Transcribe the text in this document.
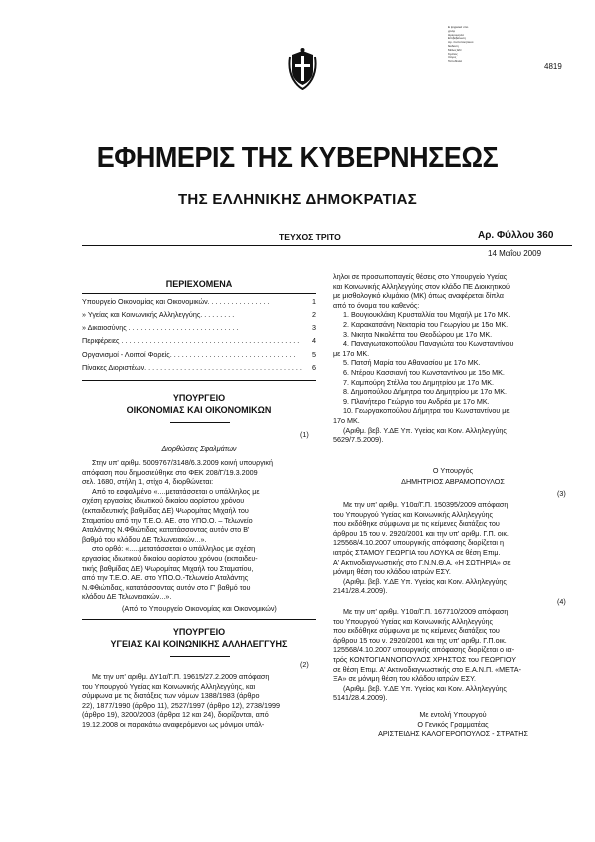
Ε ψηφιακά υπο
γράφ
Ημερομηνία
Επιβεβαίωση
Αρ. πιστοποιητικού
Έκδοση
Μέλος ΕΝ
Κράτος
Λόγος
Τοποθεσία
4819
ΕΦΗΜΕΡΙΣ ΤΗΣ ΚΥΒΕΡΝΗΣΕΩΣ
ΤΗΣ ΕΛΛΗΝΙΚΗΣ ΔΗΜΟΚΡΑΤΙΑΣ
ΤΕΥΧΟΣ ΤΡΙΤΟ	Αρ. Φύλλου 360
14 Μαΐου 2009
ΠΕΡΙΕΧΟΜΕΝΑ
Υπουργείο Οικονομίας και Οικονομικών. . . . . . . . . . . . . . . .	1
» Υγείας και Κοινωνικής Αλληλεγγύης. . . . . . . . .	2
» Δικαιοσύνης . . . . . . . . . . . . . . . . . . . . . . . . . . . .	3
Περιφέρειες . . . . . . . . . . . . . . . . . . . . . . . . . . . . . . . . . . . . . . . . . . . . . 4
Οργανισμοί - Λοιποί Φορείς. . . . . . . . . . . . . . . . . . . . . . . . . . . . . . . . 5
Πίνακες Διοριστέων. . . . . . . . . . . . . . . . . . . . . . . . . . . . . . . . . . . . . . . . 6
ΥΠΟΥΡΓΕΙΟ
ΟΙΚΟΝΟΜΙΑΣ ΚΑΙ ΟΙΚΟΝΟΜΙΚΩΝ
(1)
Διορθώσεις Σφαλμάτων
Στην υπ' αριθμ. 5009767/3148/6.3.2009 κοινή υπουργική
απόφαση που δημοσιεύθηκε στο ΦΕΚ 208/Γ/19.3.2009
σελ. 1680, στήλη 1, στίχο 4, διορθώνεται:
Από το εσφαλμένο «....μετατάσσεται ο υπάλληλος με
σχέση εργασίας ιδιωτικού δικαίου αορίστου χρόνου
(εκπαιδευτικής βαθμίδας ΔΕ) Ψωρομίτας Μιχαήλ του
Σταματίου από την Τ.Ε.Ο. ΑΕ. στο ΥΠΟ.Ο. – Τελωνείο
Αταλάντης Ν.Φθιώτιδας κατατάσσοντας αυτόν στο Β'
βαθμό του κλάδου ΔΕ Τελωνειακών...».
στο ορθό: «.....μετατάσσεται ο υπάλληλος με σχέση
εργασίας ιδιωτικού δικαίου αορίστου χρόνου (εκπαιδευ-
τικής βαθμίδας ΔΕ) Ψωρομίτας Μιχαήλ του Σταματίου,
από την Τ.Ε.Ο. ΑΕ. στο ΥΠΟ.Ο.-Τελωνείο Αταλάντης
Ν.Φθιώτιδας, κατατάσσοντας αυτόν στο Γ' βαθμό του
κλάδου ΔΕ Τελωνειακών...».
(Από το Υπουργείο Οικονομίας και Οικονομικών)
ΥΠΟΥΡΓΕΙΟ
ΥΓΕΙΑΣ ΚΑΙ ΚΟΙΝΩΝΙΚΗΣ ΑΛΛΗΛΕΓΓΥΗΣ
(2)
Με την υπ' αριθμ. ΔΥ1α/Γ.Π. 19615/27.2.2009 απόφαση
του Υπουργού Υγείας και Κοινωνικής Αλληλεγγύης, και
σύμφωνα με τις διατάξεις των νόμων 1388/1983 (άρθρο
22), 1877/1990 (άρθρο 11), 2527/1997 (άρθρο 12), 2738/1999
(άρθρο 19), 3200/2003 (άρθρα 12 και 24), διορίζονται, από
19.12.2008 οι παρακάτω αναφερόμενοι ως μόνιμοι υπάλ-
ληλοι σε προσωποπαγείς θέσεις στο Υπουργείο Υγείας
και Κοινωνικής Αλληλεγγύης στον κλάδο ΠΕ Διοικητικού
με μισθολογικό κλιμάκιο (ΜΚ) όπως αναφέρεται δίπλα
από το όνομα του καθενός:
1. Βουγιουκλάκη Κρυσταλλία του Μιχαήλ με 17ο ΜΚ.
2. Καρακατσάνη Νεκταρία του Γεωργίου με 15ο ΜΚ.
3. Νικητα Νικολέττα του Θεοδώρου με 17ο ΜΚ.
4. Παναγιωτακοπούλου Παναγιώτα του Κωνσταντίνου
με 17ο ΜΚ.
5. Πατσή Μαρία του Αθανασίου με 17ο ΜΚ.
6. Ντέρου Κασσιανή του Κωνσταντίνου με 15ο ΜΚ.
7. Καμπούρη Στέλλα του Δημητρίου με 17ο ΜΚ.
8. Δημοπούλου Δήμητρα του Δημητρίου με 17ο ΜΚ.
9. Πλανήτερο Γεώργιο του Ανδρέα με 17ο ΜΚ.
10. Γεωργακοπούλου Δήμητρα του Κωνσταντίνου με
17ο ΜΚ.
(Αριθμ. βεβ. Υ.ΔΕ Υπ. Υγείας και Κοιν. Αλληλεγγύης
5629/7.5.2009).
Ο Υπουργός
ΔΗΜΗΤΡΙΟΣ ΑΒΡΑΜΟΠΟΥΛΟΣ
(3)
Με την υπ' αριθμ. Υ10α/Γ.Π. 150395/2009 απόφαση
του Υπουργού Υγείας και Κοινωνικής Αλληλεγγύης
που εκδόθηκε σύμφωνα με τις κείμενες διατάξεις του
άρθρου 15 του ν. 2920/2001 και την υπ' αριθμ. Γ.Π. οικ.
125568/4.10.2007 υπουργικής απόφασης διορίζεται η
ιατρός ΣΤΑΜΟΥ ΓΕΩΡΓΙΑ του ΛΟΥΚΑ σε θέση Επιμ.
Α' Ακτινοδιαγνωστικής στο Γ.Ν.Ν.Θ.Α. «Η ΣΩΤΗΡΙΑ» σε
μόνιμη θέση του κλάδου ιατρών ΕΣΥ.
(Αριθμ. βεβ. Υ.ΔΕ Υπ. Υγείας και Κοιν. Αλληλεγγύης
2141/28.4.2009).
(4)
Με την υπ' αριθμ. Υ10α/Γ.Π. 167710/2009 απόφαση
του Υπουργού Υγείας και Κοινωνικής Αλληλεγγύης
που εκδόθηκε σύμφωνα με τις κείμενες διατάξεις του
άρθρου 15 του ν. 2920/2001 και της υπ' αριθμ. Γ.Π.οικ.
125568/4.10.2007 υπουργικής απόφασης διορίζεται ο ια-
τρός ΚΟΝΤΟΓΙΑΝΝΟΠΟΥΛΟΣ ΧΡΗΣΤΟΣ του ΓΕΩΡΓΙΟΥ
σε θέση Επιμ. Α' Ακτινοδιαγνωστικής στο Ε.Α.Ν.Π. «ΜΕΤΑ-
ΞΑ» σε μόνιμη θέση του κλάδου ιατρών ΕΣΥ.
(Αριθμ. βεβ. Υ.ΔΕ Υπ. Υγείας και Κοιν. Αλληλεγγύης
5141/28.4.2009).
Με εντολή Υπουργού
Ο Γενικός Γραμματέας
ΑΡΙΣΤΕΙΔΗΣ ΚΑΛΟΓΕΡΟΠΟΥΛΟΣ - ΣΤΡΑΤΗΣ
